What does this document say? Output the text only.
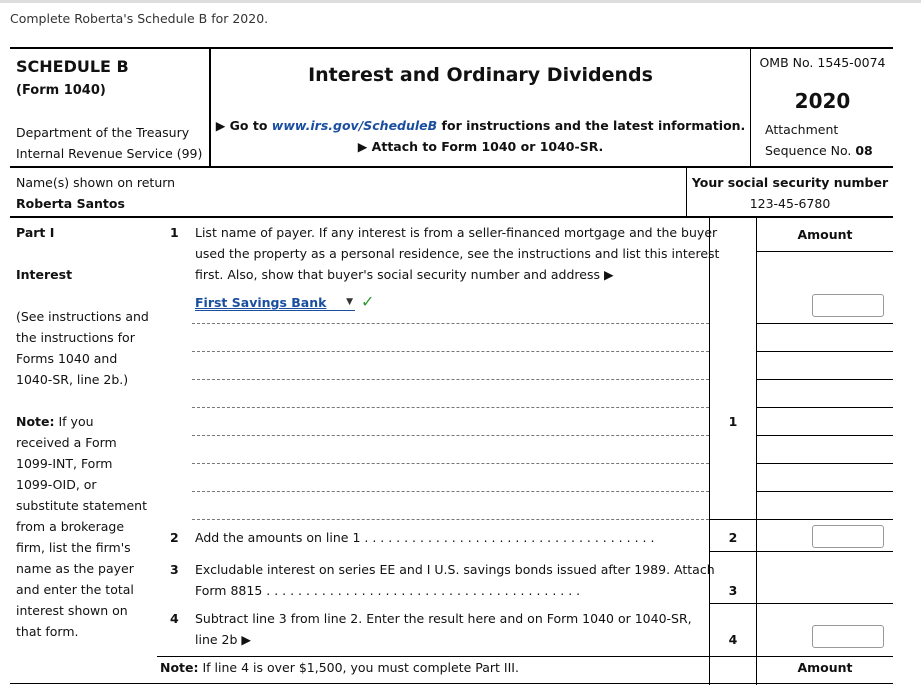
Complete Roberta's Schedule B for 2020.
SCHEDULE B
(Form 1040)
Department of the Treasury
Internal Revenue Service (99)
Interest and Ordinary Dividends
▶ Go to www.irs.gov/ScheduleB for instructions and the latest information.
▶ Attach to Form 1040 or 1040-SR.
OMB No. 1545-0074
2020
Attachment
Sequence No. 08
Name(s) shown on return
Roberta Santos
Your social security number
123-45-6780
Part I
Interest
(See instructions and
the instructions for
Forms 1040 and
1040-SR, line 2b.)
Note: If you
received a Form
1099-INT, Form
1099-OID, or
substitute statement
from a brokerage
firm, list the firm's
name as the payer
and enter the total
interest shown on
that form.
Amount
1 List name of payer. If any interest is from a seller-financed mortgage and the buyer
used the property as a personal residence, see the instructions and list this interest
first. Also, show that buyer's social security number and address ▶
First Savings Bank ▼ ✓
1
2 Add the amounts on line 1 . . . . . . . . . . . . . . . . . . . . . . . . . . . . . . . . . . . . .	2
3 Excludable interest on series EE and I U.S. savings bonds issued after 1989. Attach
Form 8815 . . . . . . . . . . . . . . . . . . . . . . . . . . . . . . . . . . . . . . . .	3
4 Subtract line 3 from line 2. Enter the result here and on Form 1040 or 1040-SR,
line 2b ▶	4
Note: If line 4 is over $1,500, you must complete Part III.	Amount
